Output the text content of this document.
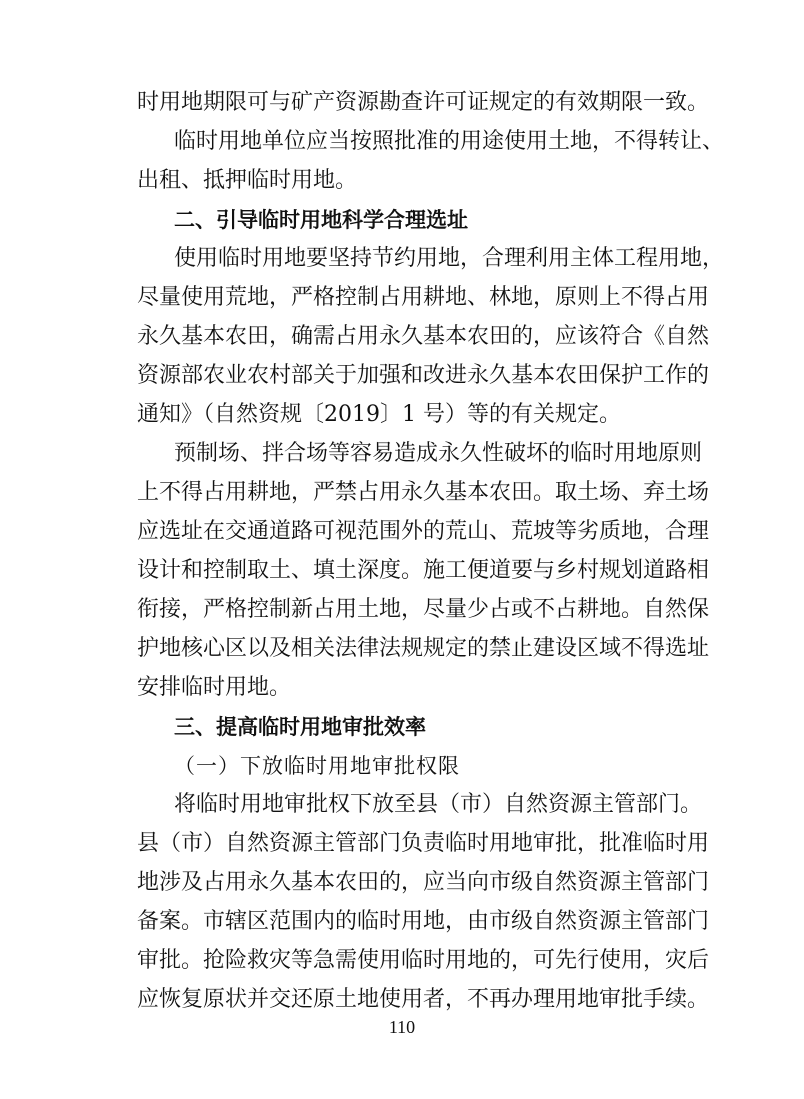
时用地期限可与矿产资源勘查许可证规定的有效期限一致。
临时用地单位应当按照批准的用途使用土地，不得转让、
出租、抵押临时用地。
二、引导临时用地科学合理选址
使用临时用地要坚持节约用地，合理利用主体工程用地，
尽量使用荒地，严格控制占用耕地、林地，原则上不得占用
永久基本农田，确需占用永久基本农田的，应该符合《自然
资源部农业农村部关于加强和改进永久基本农田保护工作的
通知》（自然资规〔2019〕1 号）等的有关规定。
预制场、拌合场等容易造成永久性破坏的临时用地原则
上不得占用耕地，严禁占用永久基本农田。取土场、弃土场
应选址在交通道路可视范围外的荒山、荒坡等劣质地，合理
设计和控制取土、填土深度。施工便道要与乡村规划道路相
衔接，严格控制新占用土地，尽量少占或不占耕地。自然保
护地核心区以及相关法律法规规定的禁止建设区域不得选址
安排临时用地。
三、提高临时用地审批效率
（一）下放临时用地审批权限
将临时用地审批权下放至县（市）自然资源主管部门。
县（市）自然资源主管部门负责临时用地审批，批准临时用
地涉及占用永久基本农田的，应当向市级自然资源主管部门
备案。市辖区范围内的临时用地，由市级自然资源主管部门
审批。抢险救灾等急需使用临时用地的，可先行使用，灾后
应恢复原状并交还原土地使用者，不再办理用地审批手续。
110
